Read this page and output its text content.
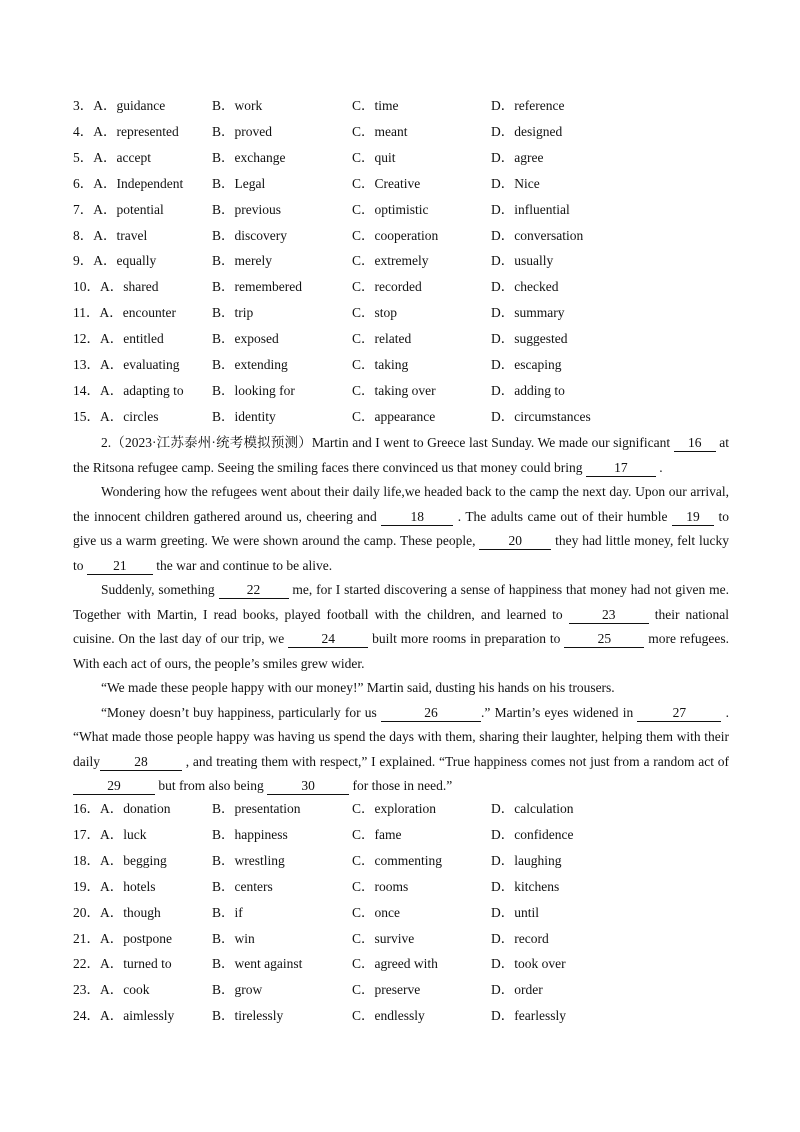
3．A．guidance	B．work	C．time	D．reference
4．A．represented B．proved	C．meant	D．designed
5．A．accept	B．exchange	C．quit	D．agree
6．A．Independent B．Legal	C．Creative	D．Nice
7．A．potential	B．previous	C．optimistic	D．influential
8．A．travel	B．discovery	C．cooperation	D．conversation
9．A．equally	B．merely	C．extremely	D．usually
10．A．shared	B．remembered	C．recorded	D．checked
11．A．encounter	B．trip	C．stop	D．summary
12．A．entitled	B．exposed	C．related	D．suggested
13．A．evaluating B．extending	C．taking	D．escaping
14．A．adapting to B．looking for	C．taking over	D．adding to
15．A．circles	B．identity	C．appearance	D．circumstances

2.（2023·江苏泰州·统考模拟预测）Martin and I went to Greece last Sunday. We made our significant 16 at the Ritsona refugee camp. Seeing the smiling faces there convinced us that money could bring 17 .

Wondering how the refugees went about their daily life,we headed back to the camp the next day. Upon our arrival, the innocent children gathered around us, cheering and 18 . The adults came out of their humble 19 to give us a warm greeting. We were shown around the camp. These people, 20 they had little money, felt lucky to 21 the war and continue to be alive.

Suddenly, something 22 me, for I started discovering a sense of happiness that money had not given me. Together with Martin, I read books, played football with the children, and learned to 23 their national cuisine. On the last day of our trip, we 24 built more rooms in preparation to 25 more refugees. With each act of ours, the people’s smiles grew wider.

“We made these people happy with our money!” Martin said, dusting his hands on his trousers.

“Money doesn’t buy happiness, particularly for us	26	.” Martin’s eyes widened in	27	. “What made those people happy was having us spend the days with them, sharing their laughter, helping them with their daily	28	, and treating them with respect,” I explained. “True happiness comes not just from a random act of 29	but from also being	30	for those in need.”

16．A．donation	B．presentation	C．exploration	D．calculation
17．A．luck	B．happiness	C．fame	D．confidence
18．A．begging	B．wrestling	C．commenting	D．laughing
19．A．hotels	B．centers	C．rooms	D．kitchens
20．A．though	B．if	C．once	D．until
21．A．postpone	B．win	C．survive	D．record
22．A．turned to	B．went against	C．agreed with	D．took over
23．A．cook	B．grow	C．preserve	D．order
24．A．aimlessly	B．tirelessly	C．endlessly	D．fearlessly
